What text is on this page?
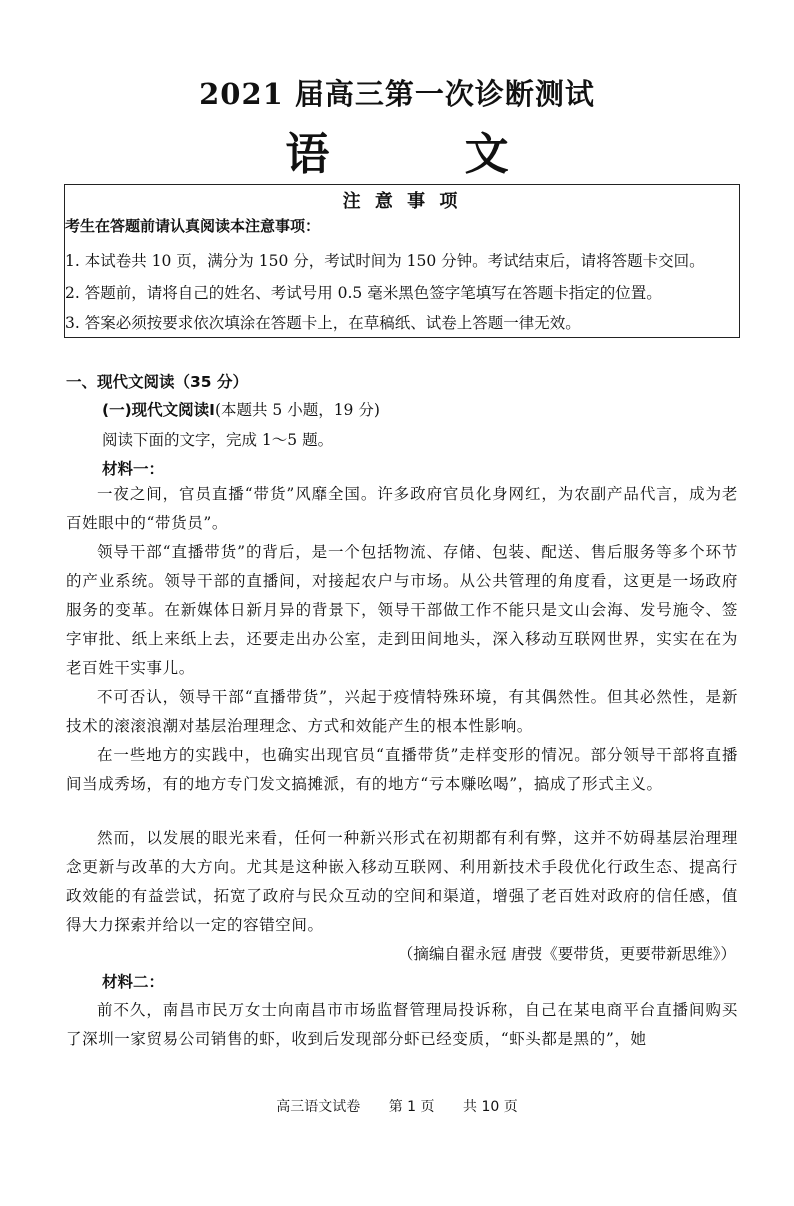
2021 届高三第一次诊断测试
语 文
注 意 事 项
考生在答题前请认真阅读本注意事项：
1. 本试卷共 10 页，满分为 150 分，考试时间为 150 分钟。考试结束后，请将答题卡交回。
2. 答题前，请将自己的姓名、考试号用 0.5 毫米黑色签字笔填写在答题卡指定的位置。
3. 答案必须按要求依次填涂在答题卡上，在草稿纸、试卷上答题一律无效。
一、现代文阅读（35 分）
(一)现代文阅读Ⅰ(本题共 5 小题，19 分)
阅读下面的文字，完成 1～5 题。
材料一：
一夜之间，官员直播“带货”风靡全国。许多政府官员化身网红，为农副产品代言，成为老百姓眼中的“带货员”。
领导干部“直播带货”的背后，是一个包括物流、存储、包装、配送、售后服务等多个环节的产业系统。领导干部的直播间，对接起农户与市场。从公共管理的角度看，这更是一场政府服务的变革。在新媒体日新月异的背景下，领导干部做工作不能只是文山会海、发号施令、签字审批、纸上来纸上去，还要走出办公室，走到田间地头，深入移动互联网世界，实实在在为老百姓干实事儿。
不可否认，领导干部“直播带货”，兴起于疫情特殊环境，有其偶然性。但其必然性，是新技术的滚滚浪潮对基层治理理念、方式和效能产生的根本性影响。
在一些地方的实践中，也确实出现官员“直播带货”走样变形的情况。部分领导干部将直播间当成秀场，有的地方专门发文搞摊派，有的地方“亏本赚吆喝”，搞成了形式主义。
然而，以发展的眼光来看，任何一种新兴形式在初期都有利有弊，这并不妨碍基层治理理念更新与改革的大方向。尤其是这种嵌入移动互联网、利用新技术手段优化行政生态、提高行政效能的有益尝试，拓宽了政府与民众互动的空间和渠道，增强了老百姓对政府的信任感，值得大力探索并给以一定的容错空间。
（摘编自翟永冠 唐弢《要带货，更要带新思维》）
材料二：
前不久，南昌市民万女士向南昌市市场监督管理局投诉称，自己在某电商平台直播间购买了深圳一家贸易公司销售的虾，收到后发现部分虾已经变质，“虾头都是黑的”，她
高三语文试卷 第 1 页 共 10 页
